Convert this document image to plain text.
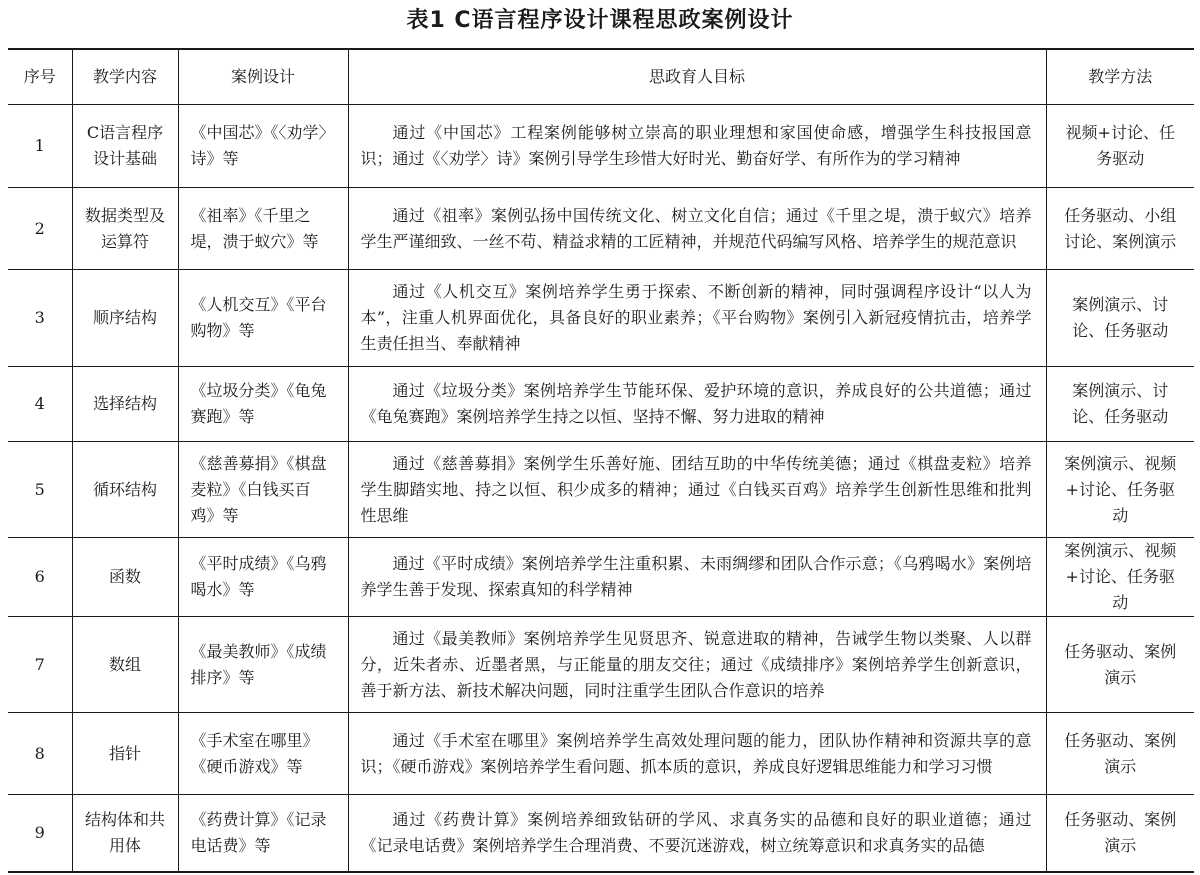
表1 C语言程序设计课程思政案例设计
序号	教学内容	案例设计	思政育人目标	教学方法
1	C语言程序设计基础	《中国芯》《〈劝学〉诗》等	通过《中国芯》工程案例能够树立崇高的职业理想和家国使命感，增强学生科技报国意识；通过《〈劝学〉诗》案例引导学生珍惜大好时光、勤奋好学、有所作为的学习精神	视频+讨论、任务驱动
2	数据类型及运算符	《祖率》《千里之堤，溃于蚁穴》等	通过《祖率》案例弘扬中国传统文化、树立文化自信；通过《千里之堤，溃于蚁穴》培养学生严谨细致、一丝不苟、精益求精的工匠精神，并规范代码编写风格、培养学生的规范意识	任务驱动、小组讨论、案例演示
3	顺序结构	《人机交互》《平台购物》等	通过《人机交互》案例培养学生勇于探索、不断创新的精神，同时强调程序设计“以人为本”，注重人机界面优化，具备良好的职业素养；《平台购物》案例引入新冠疫情抗击，培养学生责任担当、奉献精神	案例演示、讨论、任务驱动
4	选择结构	《垃圾分类》《龟兔赛跑》等	通过《垃圾分类》案例培养学生节能环保、爱护环境的意识，养成良好的公共道德；通过《龟兔赛跑》案例培养学生持之以恒、坚持不懈、努力进取的精神	案例演示、讨论、任务驱动
5	循环结构	《慈善募捐》《棋盘麦粒》《白钱买百鸡》等	通过《慈善募捐》案例学生乐善好施、团结互助的中华传统美德；通过《棋盘麦粒》培养学生脚踏实地、持之以恒、积少成多的精神；通过《白钱买百鸡》培养学生创新性思维和批判性思维	案例演示、视频+讨论、任务驱动
6	函数	《平时成绩》《乌鸦喝水》等	通过《平时成绩》案例培养学生注重积累、未雨绸缪和团队合作示意；《乌鸦喝水》案例培养学生善于发现、探索真知的科学精神	案例演示、视频+讨论、任务驱动
7	数组	《最美教师》《成绩排序》等	通过《最美教师》案例培养学生见贤思齐、锐意进取的精神，告诫学生物以类聚、人以群分，近朱者赤、近墨者黑，与正能量的朋友交往；通过《成绩排序》案例培养学生创新意识，善于新方法、新技术解决问题，同时注重学生团队合作意识的培养	任务驱动、案例演示
8	指针	《手术室在哪里》《硬币游戏》等	通过《手术室在哪里》案例培养学生高效处理问题的能力，团队协作精神和资源共享的意识；《硬币游戏》案例培养学生看问题、抓本质的意识，养成良好逻辑思维能力和学习习惯	任务驱动、案例演示
9	结构体和共用体	《药费计算》《记录电话费》等	通过《药费计算》案例培养细致钻研的学风、求真务实的品德和良好的职业道德；通过《记录电话费》案例培养学生合理消费、不要沉迷游戏，树立统筹意识和求真务实的品德	任务驱动、案例演示
